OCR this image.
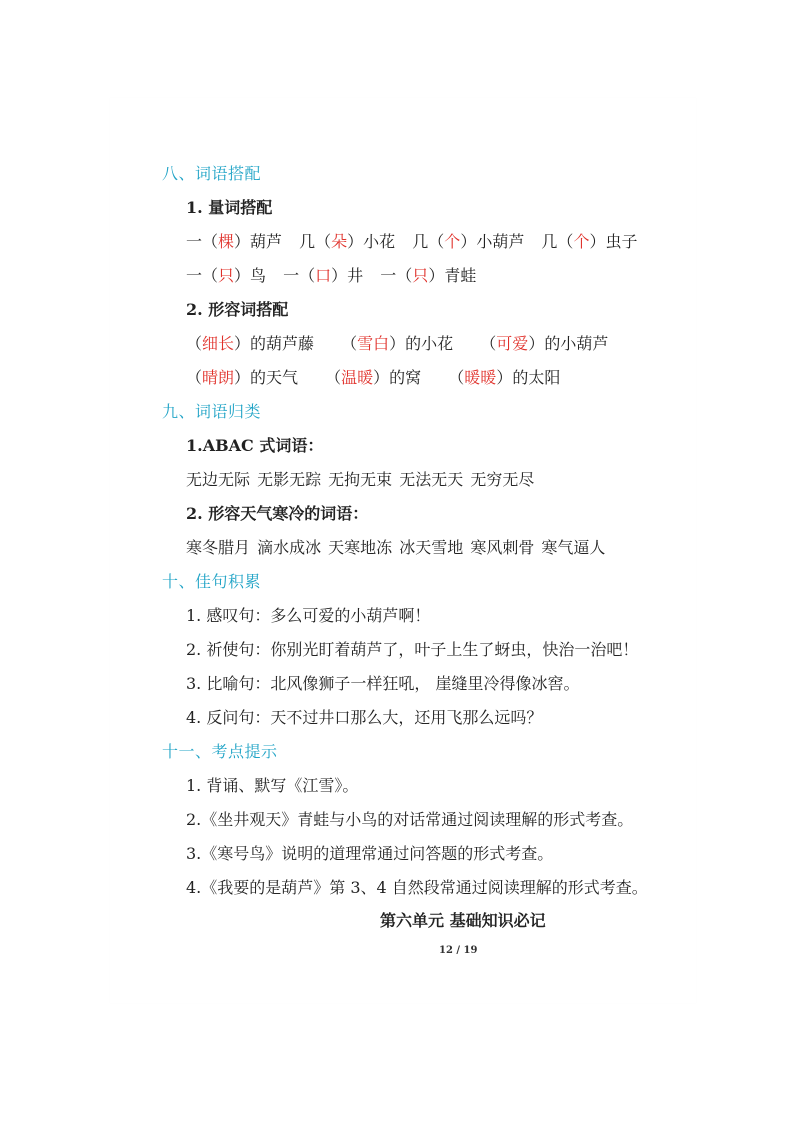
八、词语搭配
1. 量词搭配
一（棵）葫芦 几（朵）小花 几（个）小葫芦 几（个）虫子
一（只）鸟 一（口）井 一（只）青蛙
2. 形容词搭配
（细长）的葫芦藤 （雪白）的小花 （可爱）的小葫芦
（晴朗）的天气 （温暖）的窝 （暖暖）的太阳
九、词语归类
1.ABAC 式词语：
无边无际 无影无踪 无拘无束 无法无天 无穷无尽
2. 形容天气寒冷的词语：
寒冬腊月 滴水成冰 天寒地冻 冰天雪地 寒风刺骨 寒气逼人
十、佳句积累
1. 感叹句：多么可爱的小葫芦啊！
2. 祈使句：你别光盯着葫芦了，叶子上生了蚜虫，快治一治吧！
3. 比喻句：北风像狮子一样狂吼， 崖缝里冷得像冰窖。
4. 反问句：天不过井口那么大，还用飞那么远吗？
十一、考点提示
1. 背诵、默写《江雪》。
2.《坐井观天》青蛙与小鸟的对话常通过阅读理解的形式考查。
3.《寒号鸟》说明的道理常通过问答题的形式考查。
4.《我要的是葫芦》第 3、4 自然段常通过阅读理解的形式考查。
第六单元 基础知识必记
12 / 19
